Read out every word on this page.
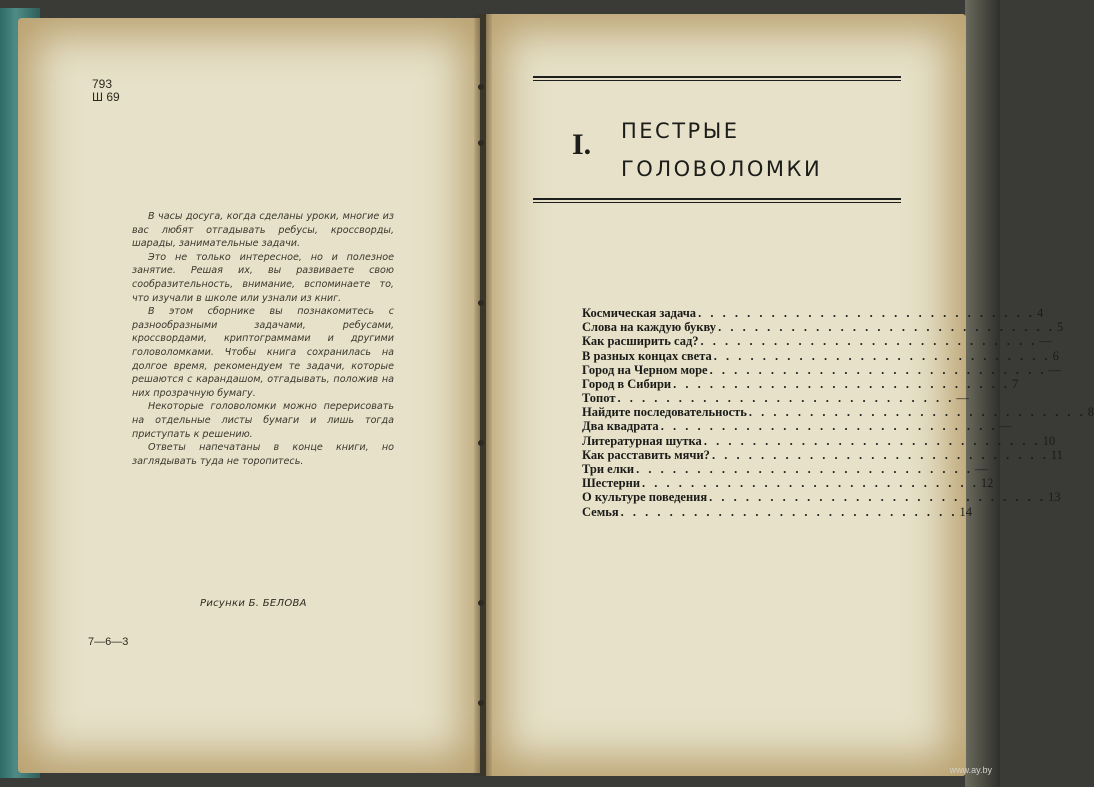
793
Ш 69

В часы досуга, когда сделаны уроки, многие из вас любят отгадывать ребусы, кроссворды, шарады, занимательные задачи.

Это не только интересное, но и полезное занятие. Решая их, вы развиваете свою сообразительность, внимание, вспоминаете то, что изучали в школе или узнали из книг.

В этом сборнике вы познакомитесь с разнообразными задачами, ребусами, кроссвордами, криптограммами и другими головоломками. Чтобы книга сохранилась на долгое время, рекомендуем те задачи, которые решаются с карандашом, отгадывать, положив на них прозрачную бумагу.

Некоторые головоломки можно перерисовать на отдельные листы бумаги и лишь тогда приступать к решению.

Ответы напечатаны в конце книги, но заглядывать туда не торопитесь.

Рисунки Б. БЕЛОВА
7—6—3
I. ПЕСТРЫЕ
ГОЛОВОЛОМКИ
Космическая задача . . . . . . . . . . . . . . . . . . . . . . . . . . . . 4
Слова на каждую букву . . . . . . . . . . . . . . . . . . . . . . . . . . . . 5
Как расширить сад? . . . . . . . . . . . . . . . . . . . . . . . . . . . . —
В разных концах света . . . . . . . . . . . . . . . . . . . . . . . . . . . . 6
Город на Черном море . . . . . . . . . . . . . . . . . . . . . . . . . . . . —
Город в Сибири . . . . . . . . . . . . . . . . . . . . . . . . . . . . 7
Топот . . . . . . . . . . . . . . . . . . . . . . . . . . . . —
Найдите последовательность . . . . . . . . . . . . . . . . . . . . . . . . . . . . 8
Два квадрата . . . . . . . . . . . . . . . . . . . . . . . . . . . . —
Литературная шутка . . . . . . . . . . . . . . . . . . . . . . . . . . . . 10
Как расставить мячи? . . . . . . . . . . . . . . . . . . . . . . . . . . . . 11
Три елки . . . . . . . . . . . . . . . . . . . . . . . . . . . . —
Шестерни . . . . . . . . . . . . . . . . . . . . . . . . . . . . 12
О культуре поведения . . . . . . . . . . . . . . . . . . . . . . . . . . . . 13
Семья . . . . . . . . . . . . . . . . . . . . . . . . . . . . 14
www.ay.by
